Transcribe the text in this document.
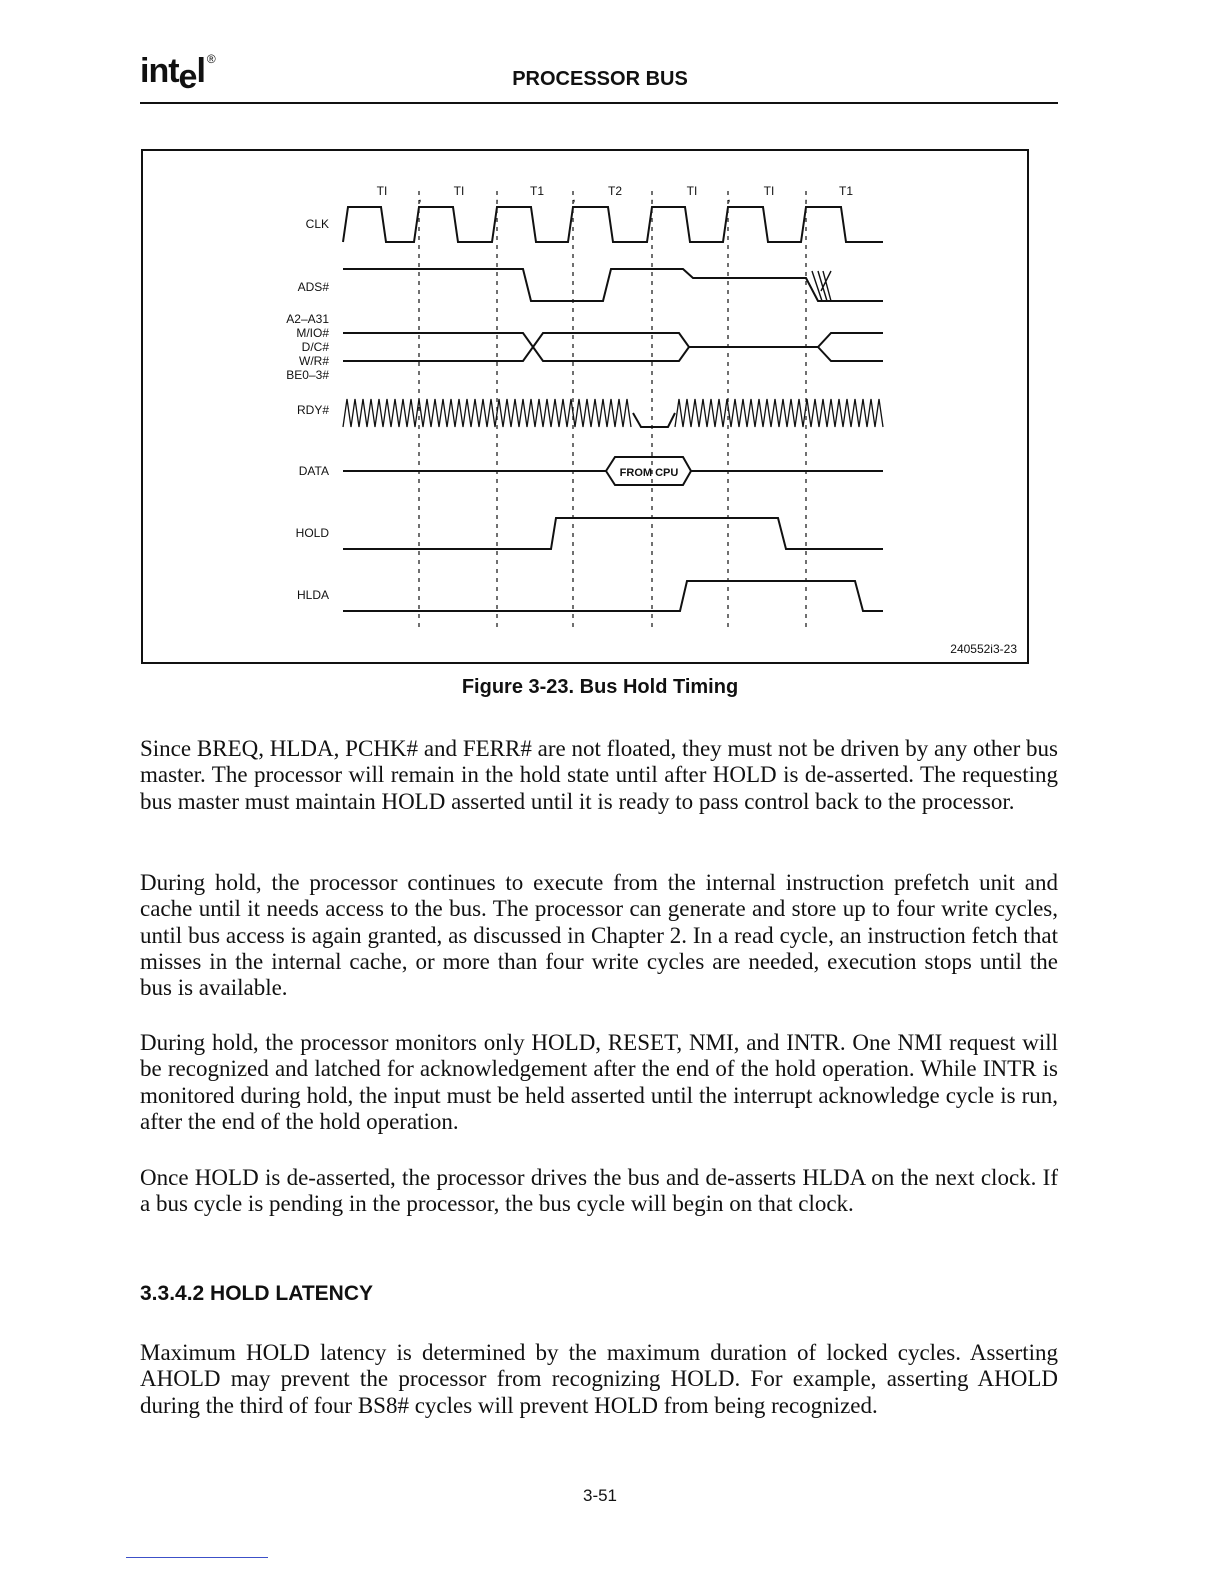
intel ®
PROCESSOR BUS
TI	TI	T1	T2	TI	TI	T1
,	,	,	,	,	,
CLK
ADS#
A2–A31
M/IO#
D/C#
W/R#
BE0–3#
RDY#
DATA
HOLD
HLDA
FROM CPU
240552i3-23
Figure 3-23. Bus Hold Timing

Since BREQ, HLDA, PCHK# and FERR# are not floated, they must not be driven by any other bus master. The processor will remain in the hold state until after HOLD is de-asserted. The requesting bus master must maintain HOLD asserted until it is ready to pass control back to the processor.

During hold, the processor continues to execute from the internal instruction prefetch unit and cache until it needs access to the bus. The processor can generate and store up to four write cycles, until bus access is again granted, as discussed in Chapter 2. In a read cycle, an instruction fetch that misses in the internal cache, or more than four write cycles are needed, execution stops until the bus is available.

During hold, the processor monitors only HOLD, RESET, NMI, and INTR. One NMI request will be recognized and latched for acknowledgement after the end of the hold operation. While INTR is monitored during hold, the input must be held asserted until the interrupt acknowledge cycle is run, after the end of the hold operation.

Once HOLD is de-asserted, the processor drives the bus and de-asserts HLDA on the next clock. If a bus cycle is pending in the processor, the bus cycle will begin on that clock.

3.3.4.2 HOLD LATENCY

Maximum HOLD latency is determined by the maximum duration of locked cycles. Asserting AHOLD may prevent the processor from recognizing HOLD. For example, asserting AHOLD during the third of four BS8# cycles will prevent HOLD from being recognized.

3-51
